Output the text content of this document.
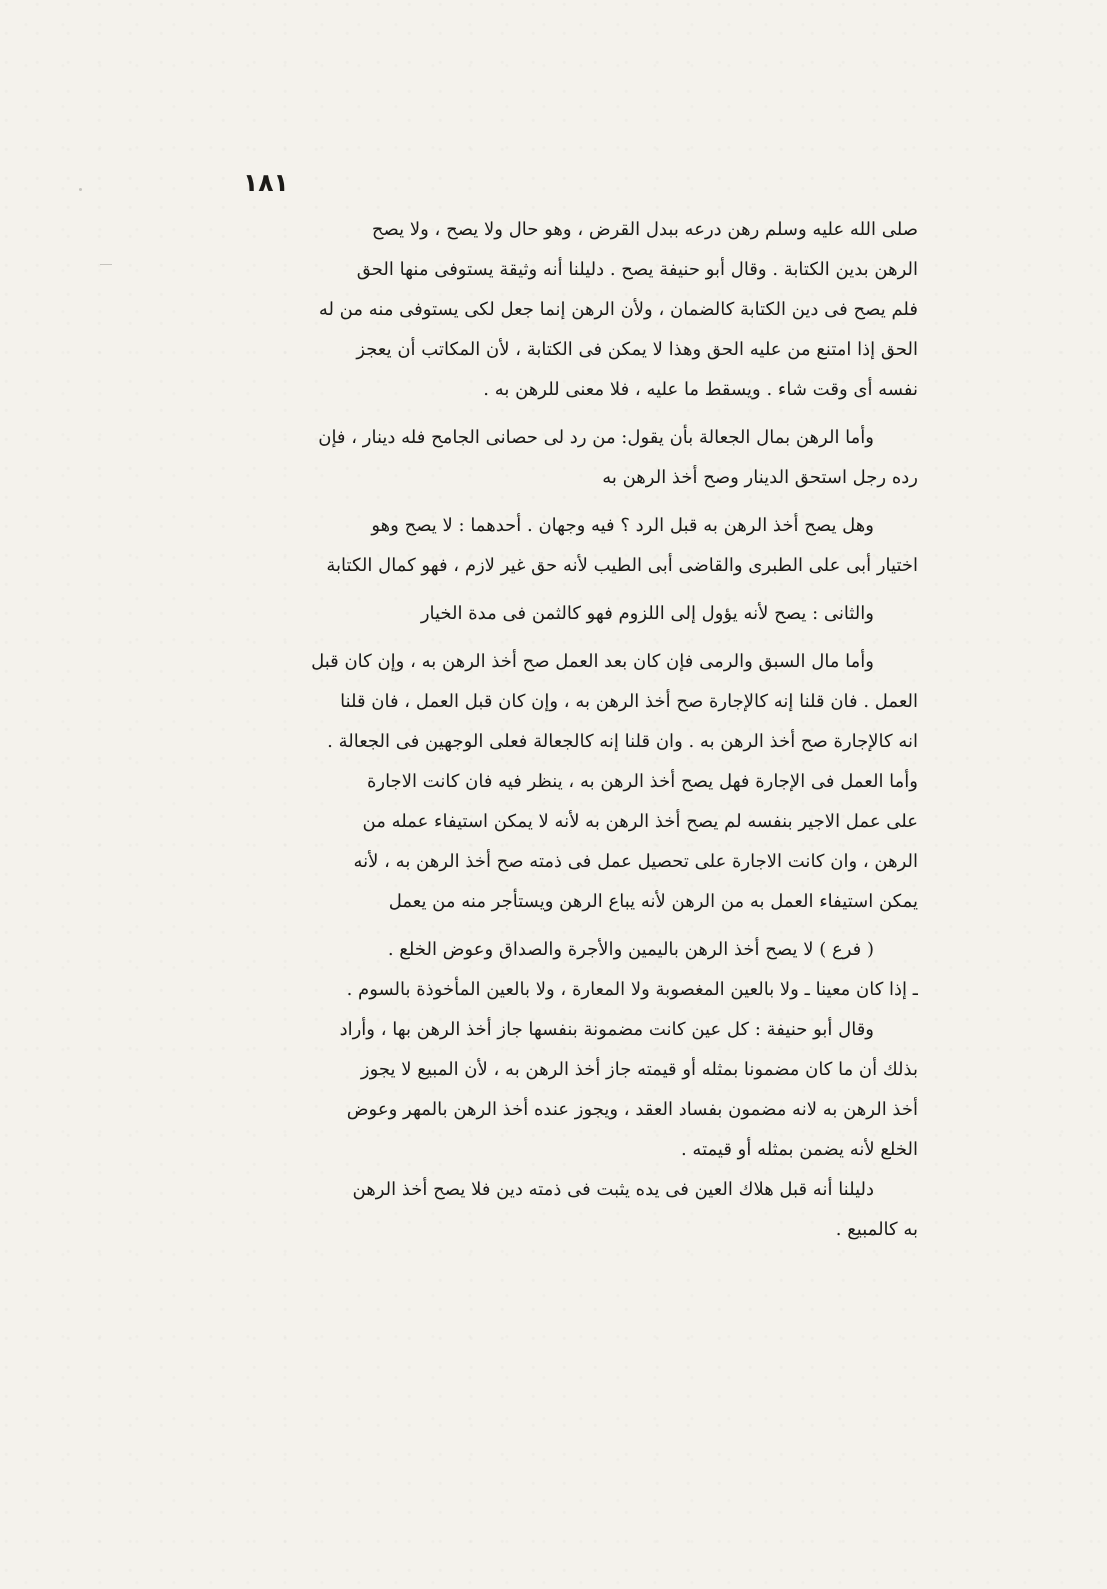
١٨١
صلى الله عليه وسلم رهن درعه ببدل القرض ، وهو حال ولا يصح ، ولا يصح
الرهن بدين الكتابة . وقال أبو حنيفة يصح . دليلنا أنه وثيقة يستوفى منها الحق
فلم يصح فى دين الكتابة كالضمان ، ولأن الرهن إنما جعل لكى يستوفى منه من له
الحق إذا امتنع من عليه الحق وهذا لا يمكن فى الكتابة ، لأن المكاتب أن يعجز
نفسه أى وقت شاء . ويسقط ما عليه ، فلا معنى للرهن به .
وأما الرهن بمال الجعالة بأن يقول: من رد لى حصانى الجامح فله دينار ، فإن
رده رجل استحق الدينار وصح أخذ الرهن به
وهل يصح أخذ الرهن به قبل الرد ؟ فيه وجهان . أحدهما : لا يصح وهو
اختيار أبى على الطبرى والقاضى أبى الطيب لأنه حق غير لازم ، فهو كمال الكتابة
والثانى : يصح لأنه يؤول إلى اللزوم فهو كالثمن فى مدة الخيار
وأما مال السبق والرمى فإن كان بعد العمل صح أخذ الرهن به ، وإن كان قبل
العمل . فان قلنا إنه كالإجارة صح أخذ الرهن به ، وإن كان قبل العمل ، فان قلنا
انه كالإجارة صح أخذ الرهن به . وان قلنا إنه كالجعالة فعلى الوجهين فى الجعالة .
وأما العمل فى الإجارة فهل يصح أخذ الرهن به ، ينظر فيه فان كانت الاجارة
على عمل الاجير بنفسه لم يصح أخذ الرهن به لأنه لا يمكن استيفاء عمله من
الرهن ، وان كانت الاجارة على تحصيل عمل فى ذمته صح أخذ الرهن به ، لأنه
يمكن استيفاء العمل به من الرهن لأنه يباع الرهن ويستأجر منه من يعمل
( فرع ) لا يصح أخذ الرهن باليمين والأجرة والصداق وعوض الخلع .
ـ إذا كان معينا ـ ولا بالعين المغصوبة ولا المعارة ، ولا بالعين المأخوذة بالسوم .
وقال أبو حنيفة : كل عين كانت مضمونة بنفسها جاز أخذ الرهن بها ، وأراد
بذلك أن ما كان مضمونا بمثله أو قيمته جاز أخذ الرهن به ، لأن المبيع لا يجوز
أخذ الرهن به لانه مضمون بفساد العقد ، ويجوز عنده أخذ الرهن بالمهر وعوض
الخلع لأنه يضمن بمثله أو قيمته .
دليلنا أنه قبل هلاك العين فى يده يثبت فى ذمته دين فلا يصح أخذ الرهن
به كالمبيع .
